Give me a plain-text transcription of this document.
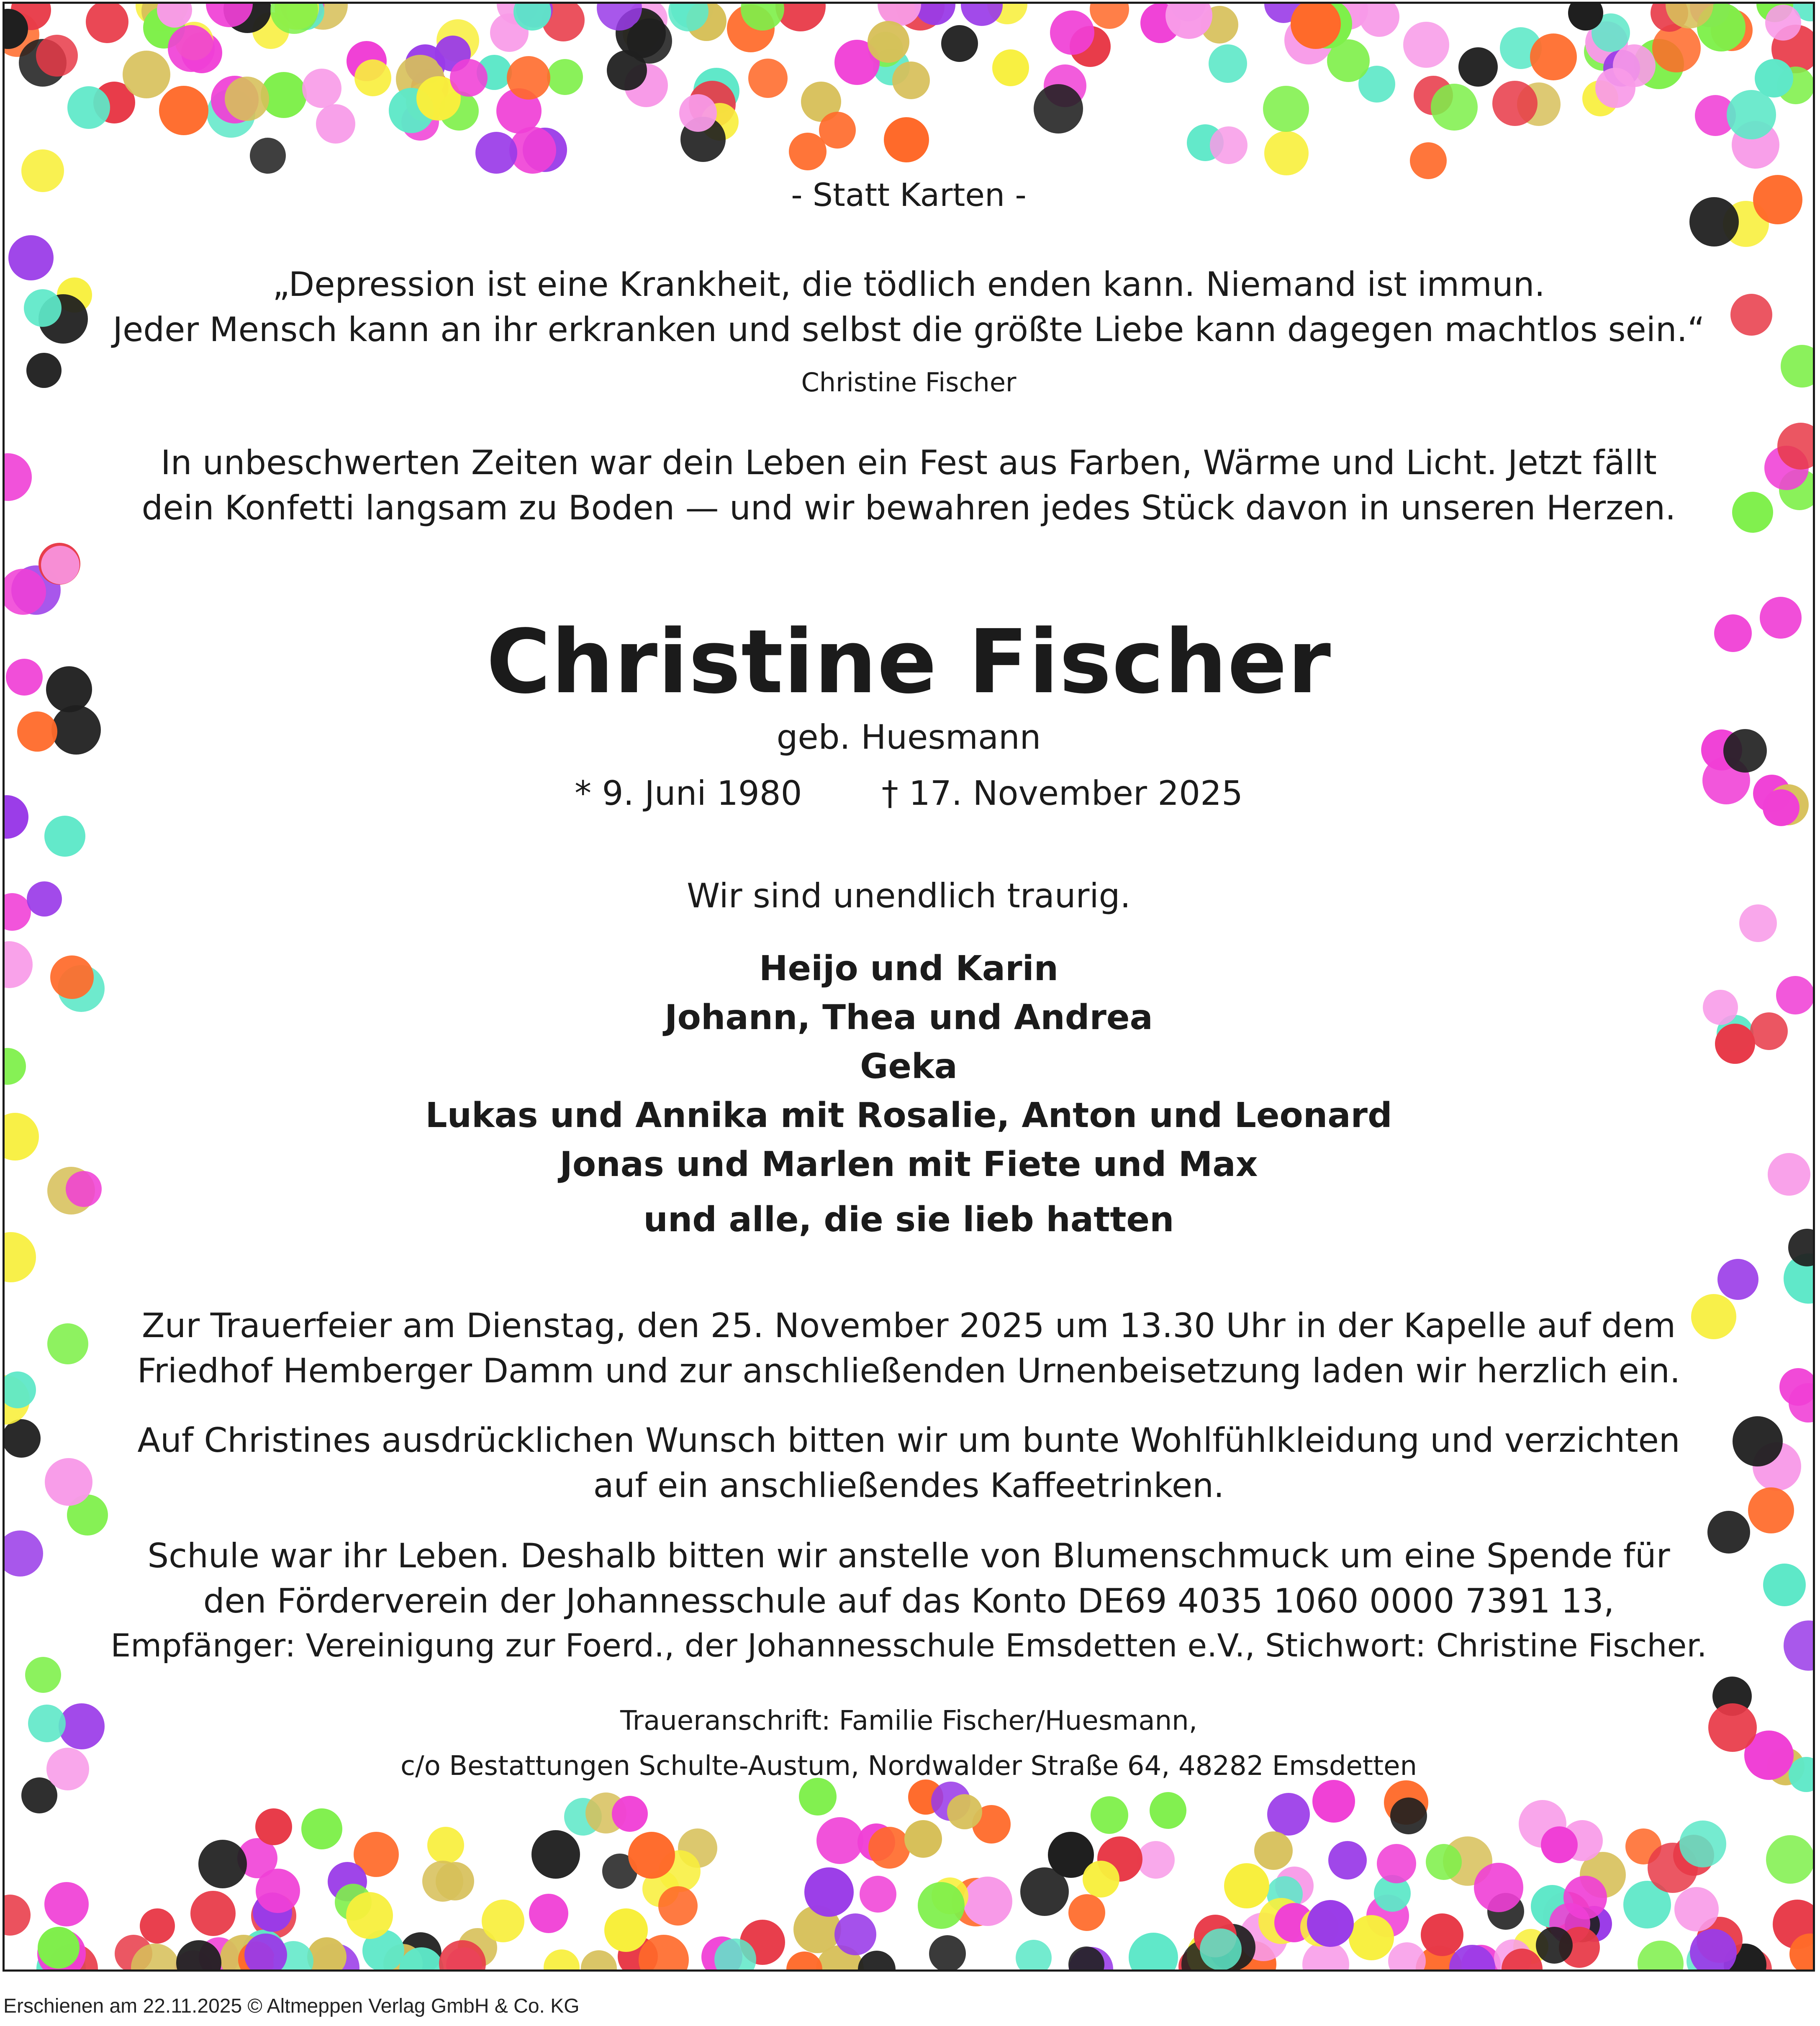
- Statt Karten -

„Depression ist eine Krankheit, die tödlich enden kann. Niemand ist immun.

Jeder Mensch kann an ihr erkranken und selbst die größte Liebe kann dagegen machtlos sein.“

Christine Fischer

In unbeschwerten Zeiten war dein Leben ein Fest aus Farben, Wärme und Licht. Jetzt fällt

dein Konfetti langsam zu Boden — und wir bewahren jedes Stück davon in unseren Herzen.

Christine Fischer

geb. Huesmann

* 9. Juni 1980 † 17. November 2025

Wir sind unendlich traurig.

Heijo und Karin

Johann, Thea und Andrea

Geka

Lukas und Annika mit Rosalie, Anton und Leonard

Jonas und Marlen mit Fiete und Max

und alle, die sie lieb hatten

Zur Trauerfeier am Dienstag, den 25. November 2025 um 13.30 Uhr in der Kapelle auf dem

Friedhof Hemberger Damm und zur anschließenden Urnenbeisetzung laden wir herzlich ein.

Auf Christines ausdrücklichen Wunsch bitten wir um bunte Wohlfühlkleidung und verzichten

auf ein anschließendes Kaffeetrinken.

Schule war ihr Leben. Deshalb bitten wir anstelle von Blumenschmuck um eine Spende für

den Förderverein der Johannesschule auf das Konto DE69 4035 1060 0000 7391 13,

Empfänger: Vereinigung zur Foerd., der Johannesschule Emsdetten e.V., Stichwort: Christine Fischer.

Traueranschrift: Familie Fischer/Huesmann,

c/o Bestattungen Schulte-Austum, Nordwalder Straße 64, 48282 Emsdetten

Erschienen am 22.11.2025 © Altmeppen Verlag GmbH & Co. KG
